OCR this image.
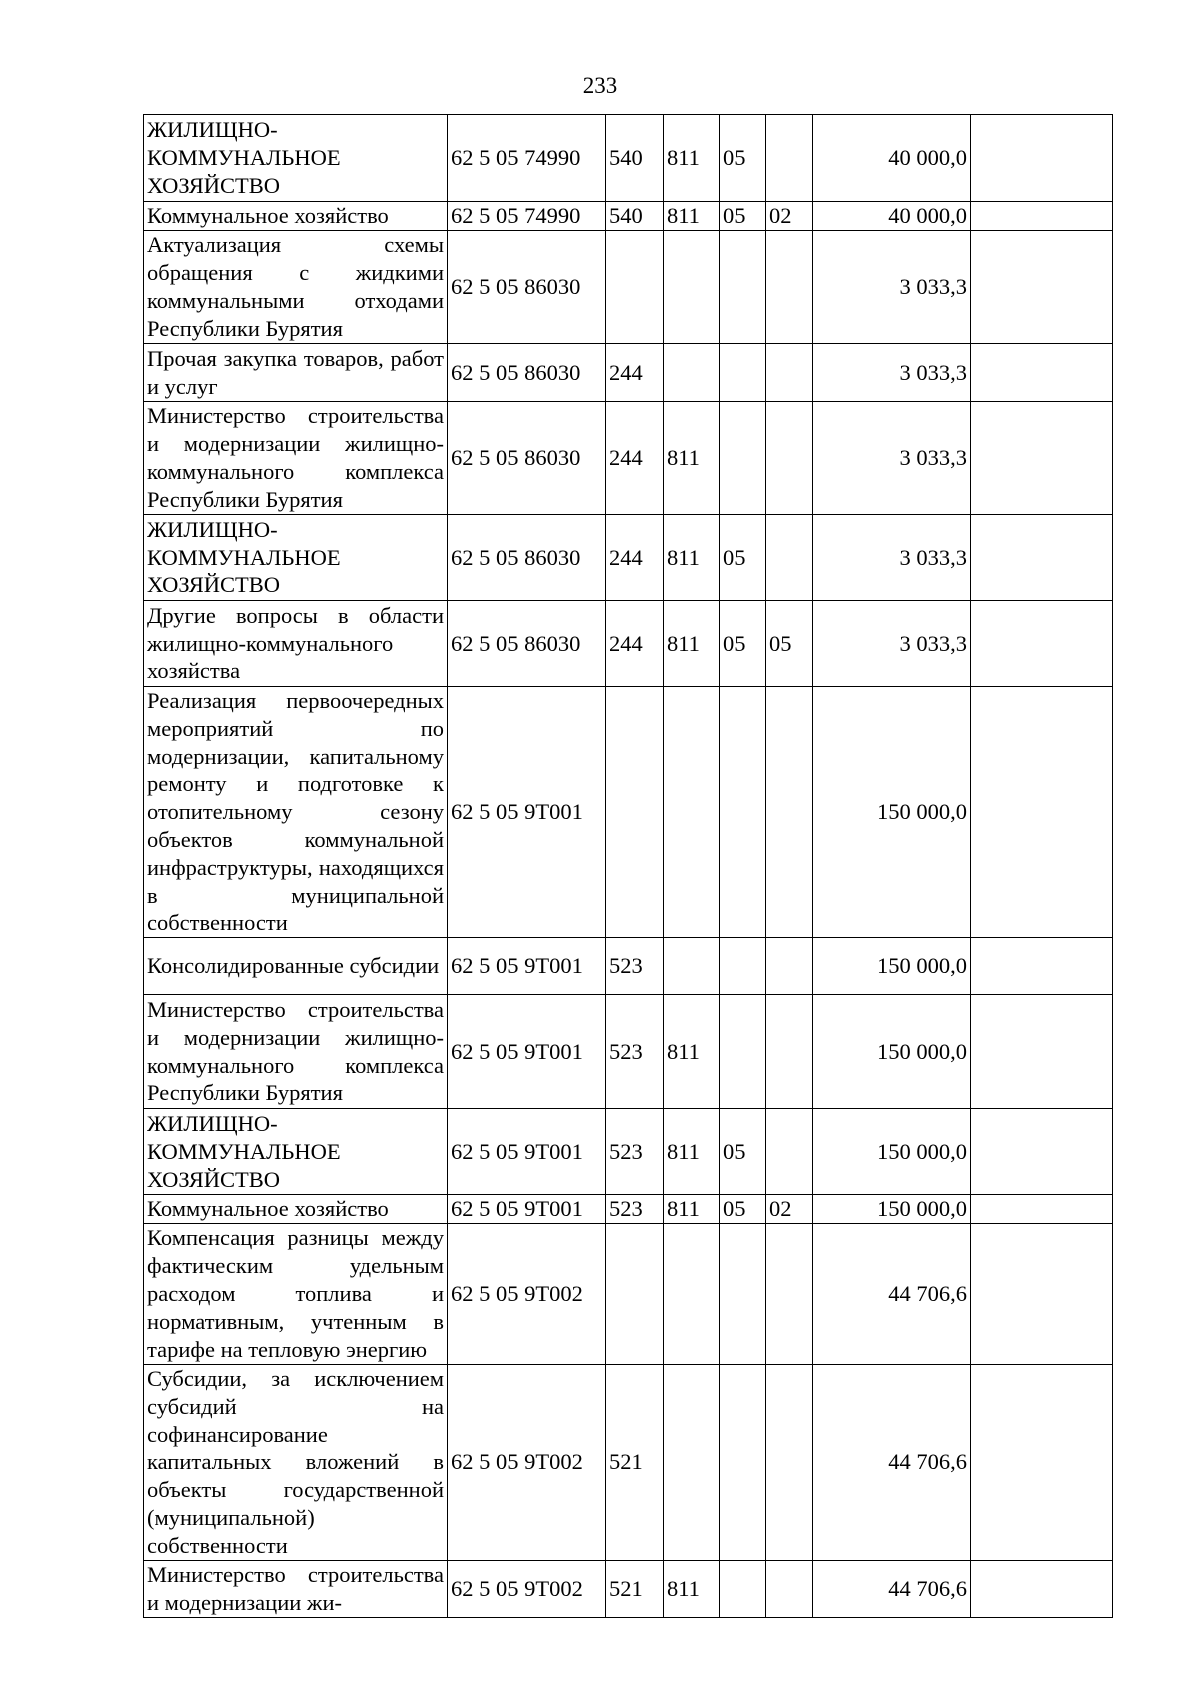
233
ЖИЛИЩНО-КОММУНАЛЬНОЕ ХОЗЯЙСТВО	62 5 05 74990	540	811	05		40 000,0	

Коммунальное хозяйство	62 5 05 74990	540	811	05	02	40 000,0	

Актуализация схемы обращения с жидкими коммунальными отходами Республики Бурятия	62 5 05 86030					3 033,3	

Прочая закупка товаров, работ и услуг	62 5 05 86030	244				3 033,3	

Министерство строительства и модернизации жилищно-коммунального комплекса Республики Бурятия	62 5 05 86030	244	811			3 033,3	

ЖИЛИЩНО-КОММУНАЛЬНОЕ ХОЗЯЙСТВО	62 5 05 86030	244	811	05		3 033,3	

Другие вопросы в области жилищно-коммунального хозяйства	62 5 05 86030	244	811	05	05	3 033,3	

Реализация первоочередных мероприятий по модернизации, капитальному ремонту и подготовке к отопительному сезону объектов коммунальной инфраструктуры, находящихся в муниципальной собственности	62 5 05 9Т001					150 000,0	

Консолидированные субсидии	62 5 05 9Т001	523				150 000,0	

Министерство строительства и модернизации жилищно-коммунального комплекса Республики Бурятия	62 5 05 9Т001	523	811			150 000,0	

ЖИЛИЩНО-КОММУНАЛЬНОЕ ХОЗЯЙСТВО	62 5 05 9Т001	523	811	05		150 000,0	

Коммунальное хозяйство	62 5 05 9Т001	523	811	05	02	150 000,0	

Компенсация разницы между фактическим удельным расходом топлива и нормативным, учтенным в тарифе на тепловую энергию	62 5 05 9Т002					44 706,6	

Субсидии, за исключением субсидий на софинансирование капитальных вложений в объекты государственной (муниципальной) собственности	62 5 05 9Т002	521				44 706,6	

Министерство строительства и модернизации жи-	62 5 05 9Т002	521	811			44 706,6	
